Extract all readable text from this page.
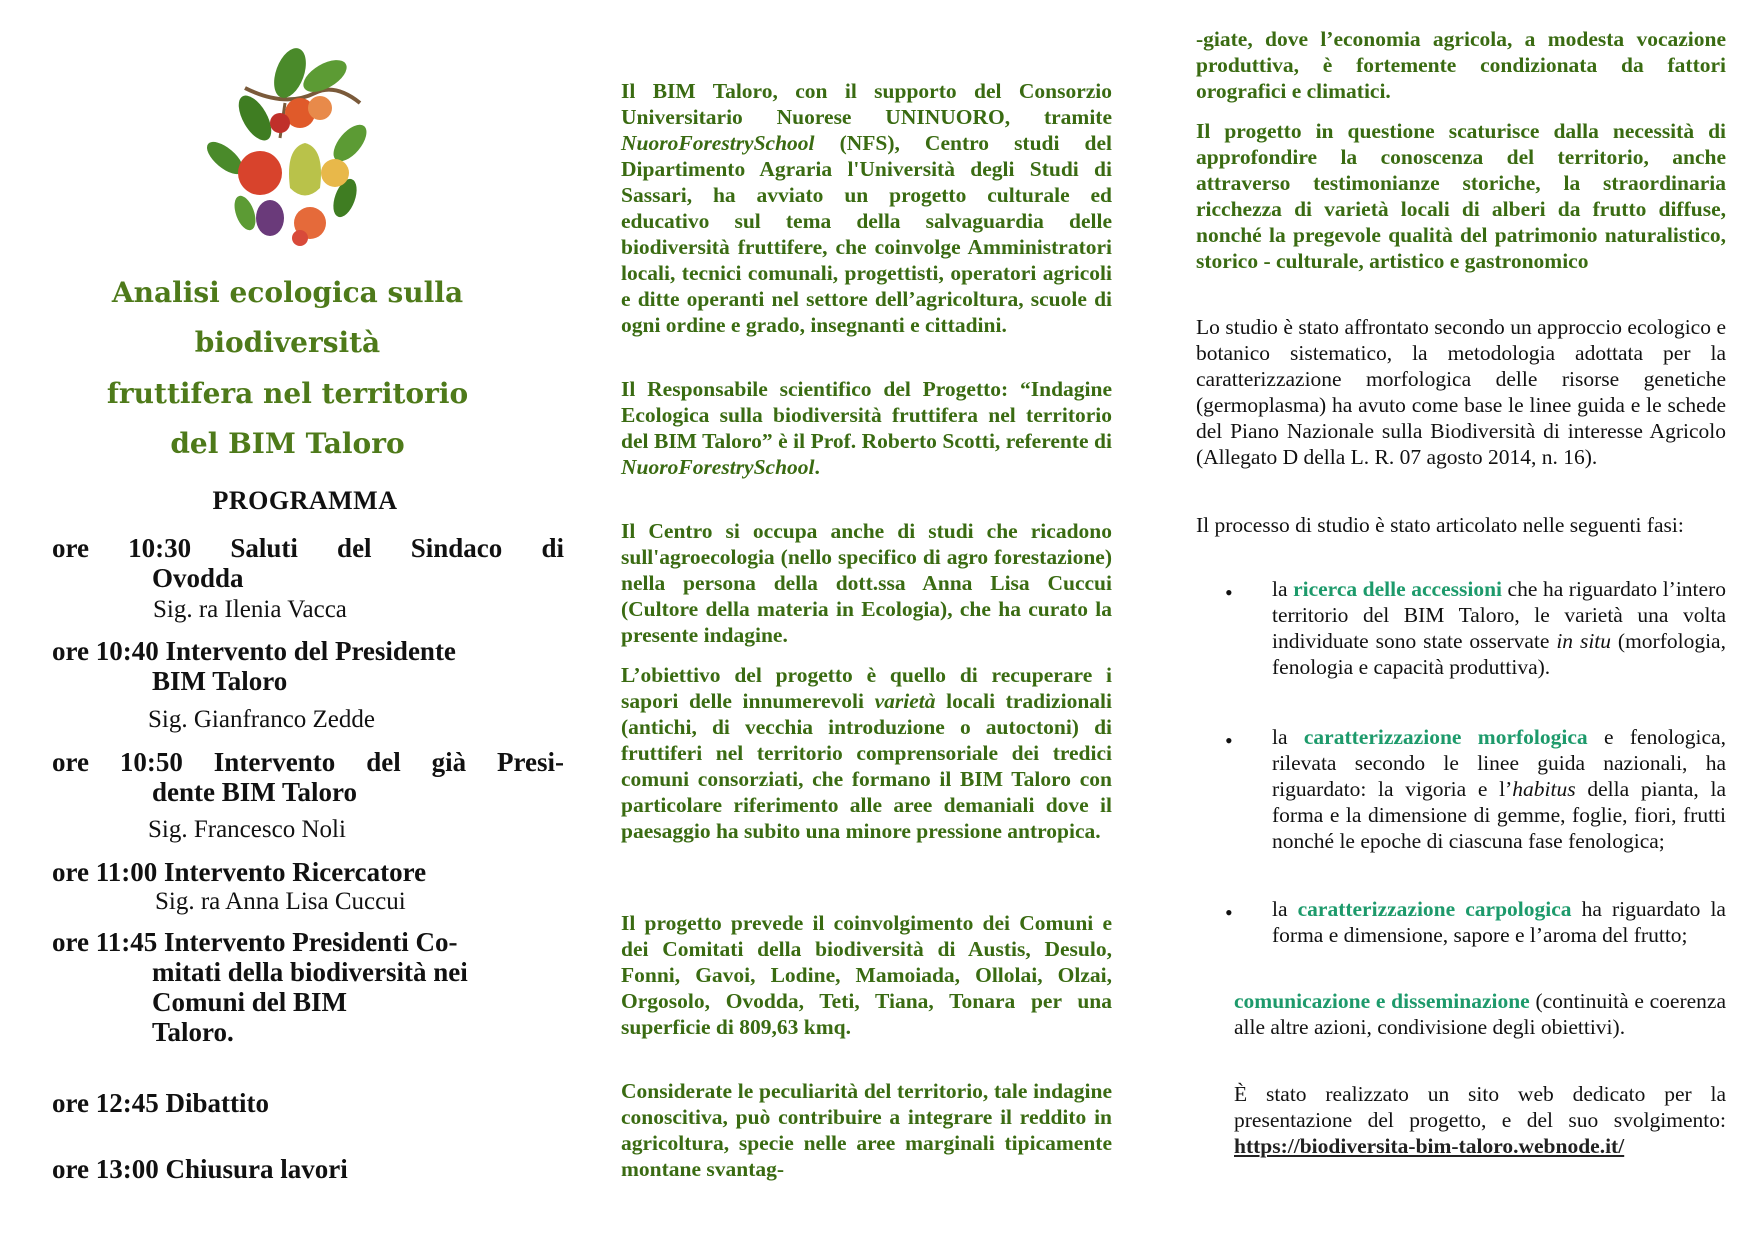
Analisi ecologica sulla
biodiversità
fruttifera nel territorio
del BIM Taloro
PROGRAMMA
ore 10:30 Saluti del Sindaco di
Ovodda
Sig. ra Ilenia Vacca
ore 10:40 Intervento del Presidente
BIM Taloro
Sig. Gianfranco Zedde
ore 10:50 Intervento del già Presi-
dente BIM Taloro
Sig. Francesco Noli
ore 11:00 Intervento Ricercatore
Sig. ra Anna Lisa Cuccui
ore 11:45 Intervento Presidenti Co-
mitati della biodiversità nei
Comuni del BIM
Taloro.
ore 12:45 Dibattito
ore 13:00 Chiusura lavori

Il BIM Taloro, con il supporto del Consorzio Universitario Nuorese UNINUORO, tramite NuoroForestrySchool (NFS), Centro studi del Dipartimento Agraria l'Università degli Studi di Sassari, ha avviato un progetto culturale ed educativo sul tema della salvaguardia delle biodiversità fruttifere, che coinvolge Amministratori locali, tecnici comunali, progettisti, operatori agricoli e ditte operanti nel settore dell’agricoltura, scuole di ogni ordine e grado, insegnanti e cittadini.

Il Responsabile scientifico del Progetto: “Indagine Ecologica sulla biodiversità fruttifera nel territorio del BIM Taloro” è il Prof. Roberto Scotti, referente di NuoroForestrySchool.

Il Centro si occupa anche di studi che ricadono sull'agroecologia (nello specifico di agro forestazione) nella persona della dott.ssa Anna Lisa Cuccui (Cultore della materia in Ecologia), che ha curato la presente indagine.

L’obiettivo del progetto è quello di recuperare i sapori delle innumerevoli varietà locali tradizionali (antichi, di vecchia introduzione o autoctoni) di fruttiferi nel territorio comprensoriale dei tredici comuni consorziati, che formano il BIM Taloro con particolare riferimento alle aree demaniali dove il paesaggio ha subito una minore pressione antropica.

Il progetto prevede il coinvolgimento dei Comuni e dei Comitati della biodiversità di Austis, Desulo, Fonni, Gavoi, Lodine, Mamoiada, Ollolai, Olzai, Orgosolo, Ovodda, Teti, Tiana, Tonara per una superficie di 809,63 kmq.

Considerate le peculiarità del territorio, tale indagine conoscitiva, può contribuire a integrare il reddito in agricoltura, specie nelle aree marginali tipicamente montane svantag-

-giate, dove l’economia agricola, a modesta vocazione produttiva, è fortemente condizionata da fattori orografici e climatici.

Il progetto in questione scaturisce dalla necessità di approfondire la conoscenza del territorio, anche attraverso testimonianze storiche, la straordinaria ricchezza di varietà locali di alberi da frutto diffuse, nonché la pregevole qualità del patrimonio naturalistico, storico - culturale, artistico e gastronomico

Lo studio è stato affrontato secondo un approccio ecologico e botanico sistematico, la metodologia adottata per la caratterizzazione morfologica delle risorse genetiche (germoplasma) ha avuto come base le linee guida e le schede del Piano Nazionale sulla Biodiversità di interesse Agricolo (Allegato D della L. R. 07 agosto 2014, n. 16).

Il processo di studio è stato articolato nelle seguenti fasi:

• la ricerca delle accessioni che ha riguardato l’intero territorio del BIM Taloro, le varietà una volta individuate sono state osservate in situ (morfologia, fenologia e capacità produttiva).

• la caratterizzazione morfologica e fenologica, rilevata secondo le linee guida nazionali, ha riguardato: la vigoria e l’habitus della pianta, la forma e la dimensione di gemme, foglie, fiori, frutti nonché le epoche di ciascuna fase fenologica;

• la caratterizzazione carpologica ha riguardato la forma e dimensione, sapore e l’aroma del frutto;

comunicazione e disseminazione (continuità e coerenza alle altre azioni, condivisione degli obiettivi).

È stato realizzato un sito web dedicato per la presentazione del progetto, e del suo svolgimento: https://biodiversita-bim-taloro.webnode.it/
